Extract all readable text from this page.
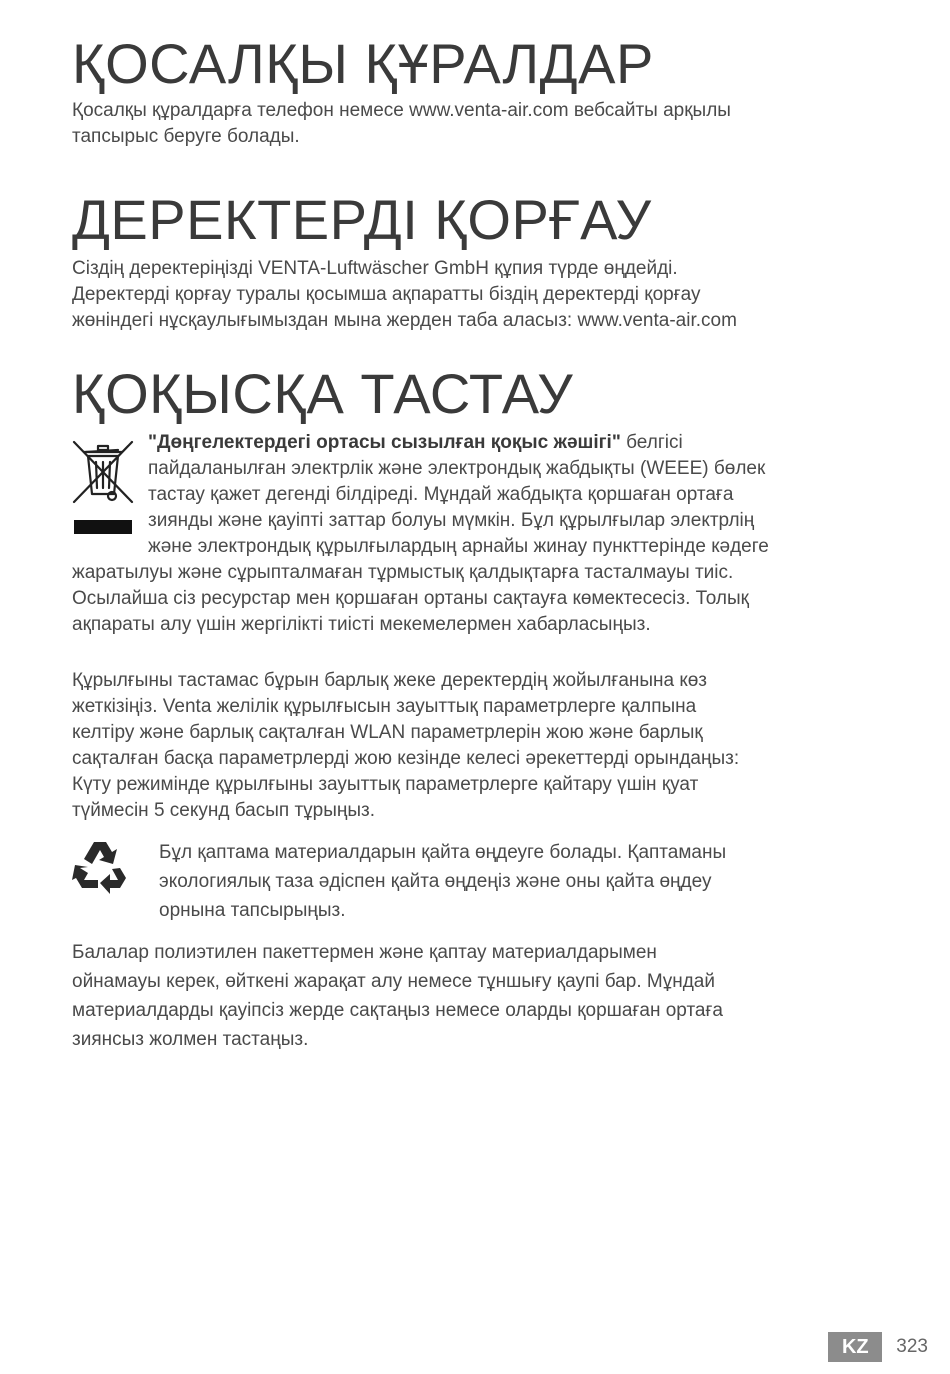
ҚОСАЛҚЫ ҚҰРАЛДАР

Қосалқы құралдарға телефон немесе www.venta-air.com вебсайты арқылы
тапсырыс беруге болады.

ДЕРЕКТЕРДІ ҚОРҒАУ

Сіздің деректеріңізді VENTA-Luftwäscher GmbH құпия түрде өңдейді.
Деректерді қорғау туралы қосымша ақпаратты біздің деректерді қорғау
жөніндегі нұсқаулығымыздан мына жерден таба аласыз: www.venta-air.com

ҚОҚЫСҚА ТАСТАУ

"Дөңгелектердегі ортасы сызылған қоқыс жәшігі" белгісі
пайдаланылған электрлік және электрондық жабдықты (WEEE) бөлек
тастау қажет дегенді білдіреді. Мұндай жабдықта қоршаған ортаға
зиянды және қауіпті заттар болуы мүмкін. Бұл құрылғылар электрлің
және электрондық құрылғылардың арнайы жинау пункттерінде кәдеге
жаратылуы және сұрыпталмаған тұрмыстық қалдықтарға тасталмауы тиіс.
Осылайша сіз ресурстар мен қоршаған ортаны сақтауға көмектесесіз. Толық
ақпараты алу үшін жергілікті тиісті мекемелермен хабарласыңыз.

Құрылғыны тастамас бұрын барлық жеке деректердің жойылғанына көз
жеткізіңіз. Venta желілік құрылғысын зауыттық параметрлерге қалпына
келтіру және барлық сақталған WLAN параметрлерін жою және барлық
сақталған басқа параметрлерді жою кезінде келесі әрекеттерді орындаңыз:
Күту режимінде құрылғыны зауыттық параметрлерге қайтару үшін қуат
түймесін 5 секунд басып тұрыңыз.

Бұл қаптама материалдарын қайта өңдеуге болады. Қаптаманы
экологиялық таза әдіспен қайта өңдеңіз және оны қайта өңдеу
орнына тапсырыңыз.

Балалар полиэтилен пакеттермен және қаптау материалдарымен
ойнамауы керек, өйткені жарақат алу немесе тұншығу қаупі бар. Мұндай
материалдарды қауіпсіз жерде сақтаңыз немесе оларды қоршаған ортаға
зиянсыз жолмен тастаңыз.

KZ	323
